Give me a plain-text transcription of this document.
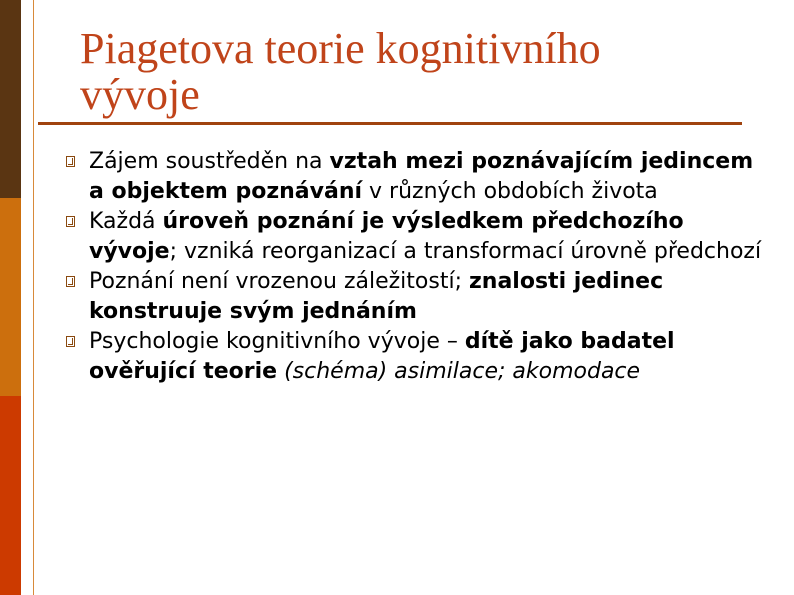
Piagetova teorie kognitivního
vývoje
Zájem soustředěn na vztah mezi poznávajícím jedincem a objektem poznávání v různých obdobích života
Každá úroveň poznání je výsledkem předchozího vývoje; vzniká reorganizací a transformací úrovně předchozí
Poznání není vrozenou záležitostí; znalosti jedinec konstruuje svým jednáním
Psychologie kognitivního vývoje – dítě jako badatel ověřující teorie (schéma) asimilace; akomodace
